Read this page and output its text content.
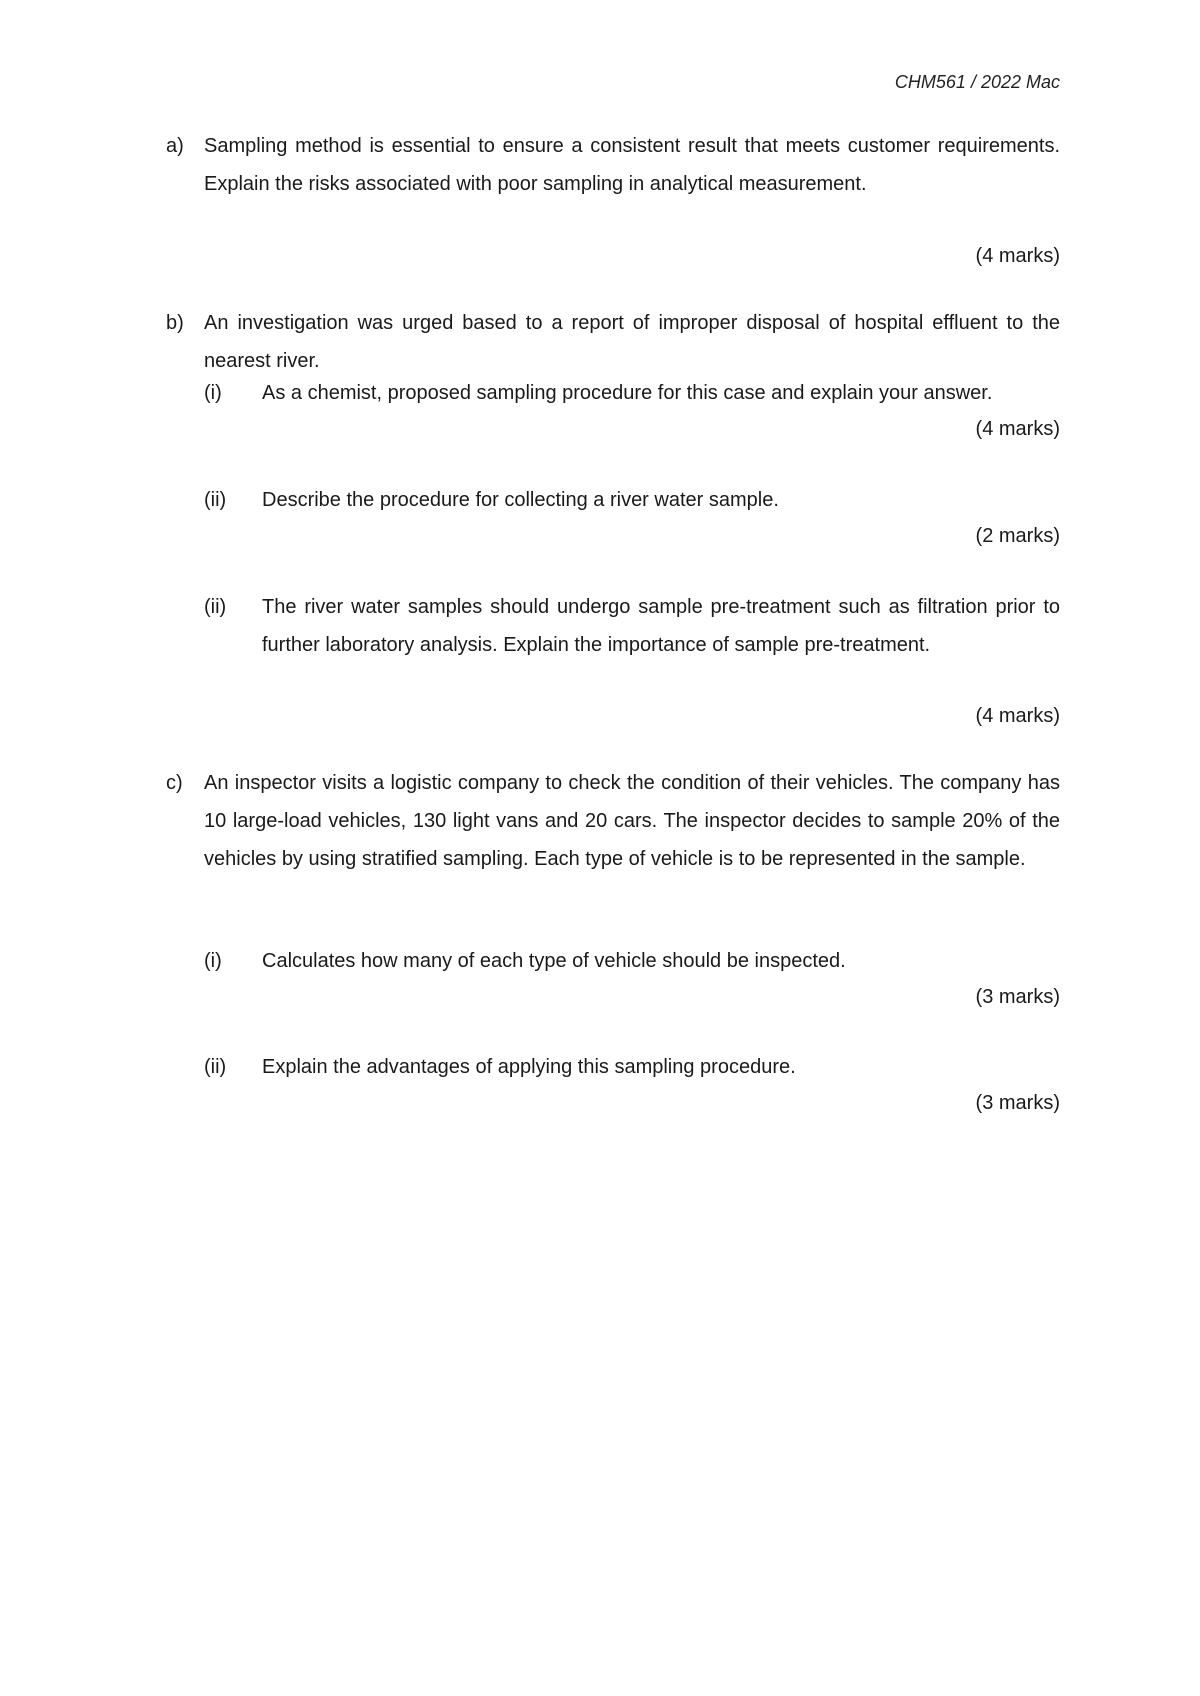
CHM561 / 2022 Mac
a)	Sampling method is essential to ensure a consistent result that meets customer requirements. Explain the risks associated with poor sampling in analytical measurement.
(4 marks)
b)	An investigation was urged based to a report of improper disposal of hospital effluent to the nearest river.
(i)	As a chemist, proposed sampling procedure for this case and explain your answer.
(4 marks)
(ii)	Describe the procedure for collecting a river water sample.
(2 marks)
(ii)	The river water samples should undergo sample pre-treatment such as filtration prior to further laboratory analysis. Explain the importance of sample pre-treatment.
(4 marks)
c)	An inspector visits a logistic company to check the condition of their vehicles. The company has 10 large-load vehicles, 130 light vans and 20 cars. The inspector decides to sample 20% of the vehicles by using stratified sampling. Each type of vehicle is to be represented in the sample.
(i)	Calculates how many of each type of vehicle should be inspected.
(3 marks)
(ii)	Explain the advantages of applying this sampling procedure.
(3 marks)
